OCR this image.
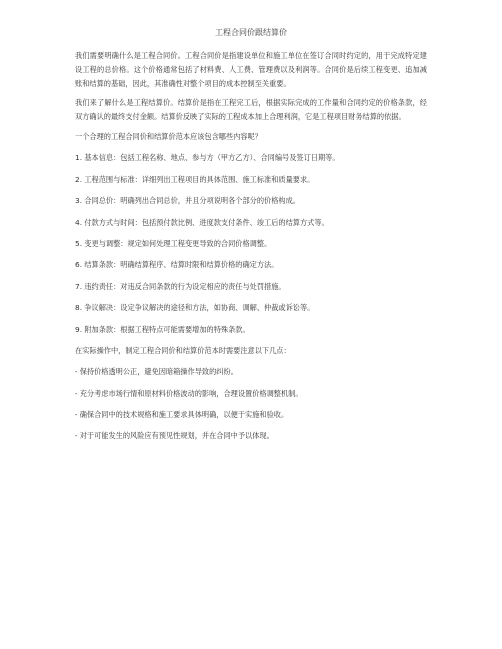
工程合同价跟结算价

我们需要明确什么是工程合同价。工程合同价是指建设单位和施工单位在签订合同时约定的，用于完成特定建设工程的总价格。这个价格通常包括了材料费、人工费、管理费以及利润等。合同价是后续工程变更、追加减账和结算的基础，因此，其准确性对整个项目的成本控制至关重要。

我们来了解什么是工程结算价。结算价是指在工程完工后，根据实际完成的工作量和合同约定的价格条款，经双方确认的最终支付金额。结算价反映了实际的工程成本加上合理利润，它是工程项目财务结算的依据。

一个合理的工程合同价和结算价范本应该包含哪些内容呢？
1. 基本信息：包括工程名称、地点、参与方（甲方乙方）、合同编号及签订日期等。
2. 工程范围与标准：详细列出工程项目的具体范围、施工标准和质量要求。
3. 合同总价：明确列出合同总价，并且分项说明各个部分的价格构成。
4. 付款方式与时间：包括预付款比例、进度款支付条件、竣工后的结算方式等。
5. 变更与调整：规定如何处理工程变更导致的合同价格调整。
6. 结算条款：明确结算程序、结算时限和结算价格的确定方法。
7. 违约责任：对违反合同条款的行为设定相应的责任与处罚措施。
8. 争议解决：设定争议解决的途径和方法，如协商、调解、仲裁或诉讼等。
9. 附加条款：根据工程特点可能需要增加的特殊条款。
在实际操作中，制定工程合同价和结算价范本时需要注意以下几点：
- 保持价格透明公正，避免因暗箱操作导致的纠纷。
- 充分考虑市场行情和原材料价格波动的影响，合理设置价格调整机制。
- 确保合同中的技术规格和施工要求具体明确，以便于实施和验收。
- 对于可能发生的风险应有预见性规划，并在合同中予以体现。
